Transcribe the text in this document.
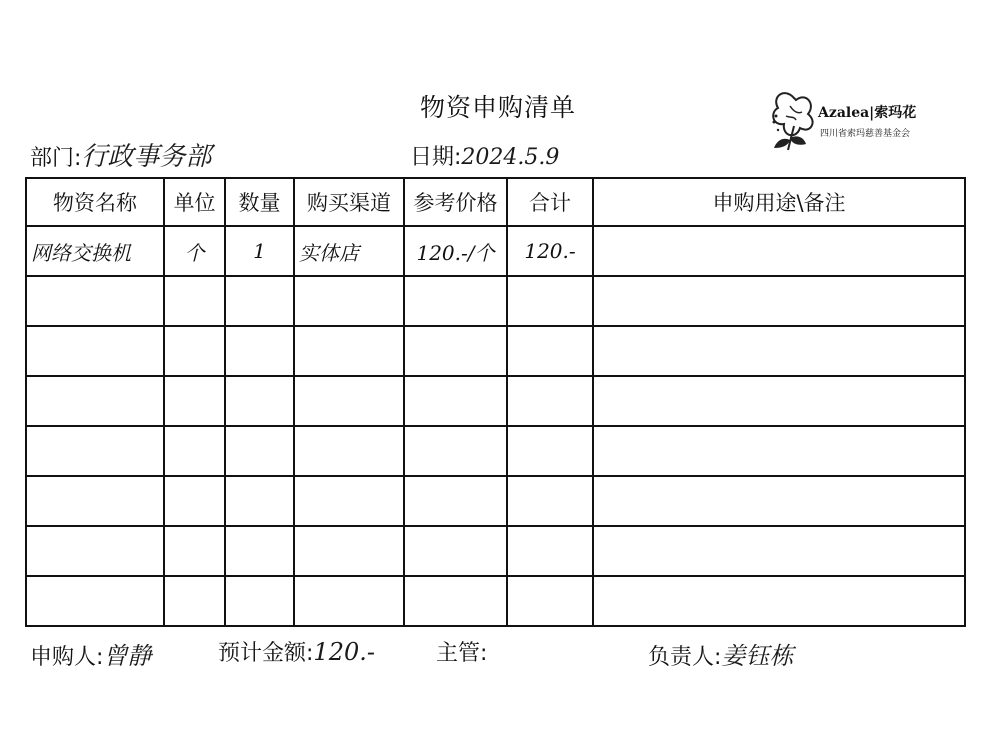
物资申购清单	Azalea|索玛花
四川省索玛慈善基金会
部门:行政事务部	日期:2024.5.9
物资名称	单位	数量	购买渠道	参考价格	合计	申购用途\备注
网络交换机	个	1	实体店	120.-/个	120.-	

申购人:曾静	预计金额:120.-	主管:	负责人:姜钰栋
